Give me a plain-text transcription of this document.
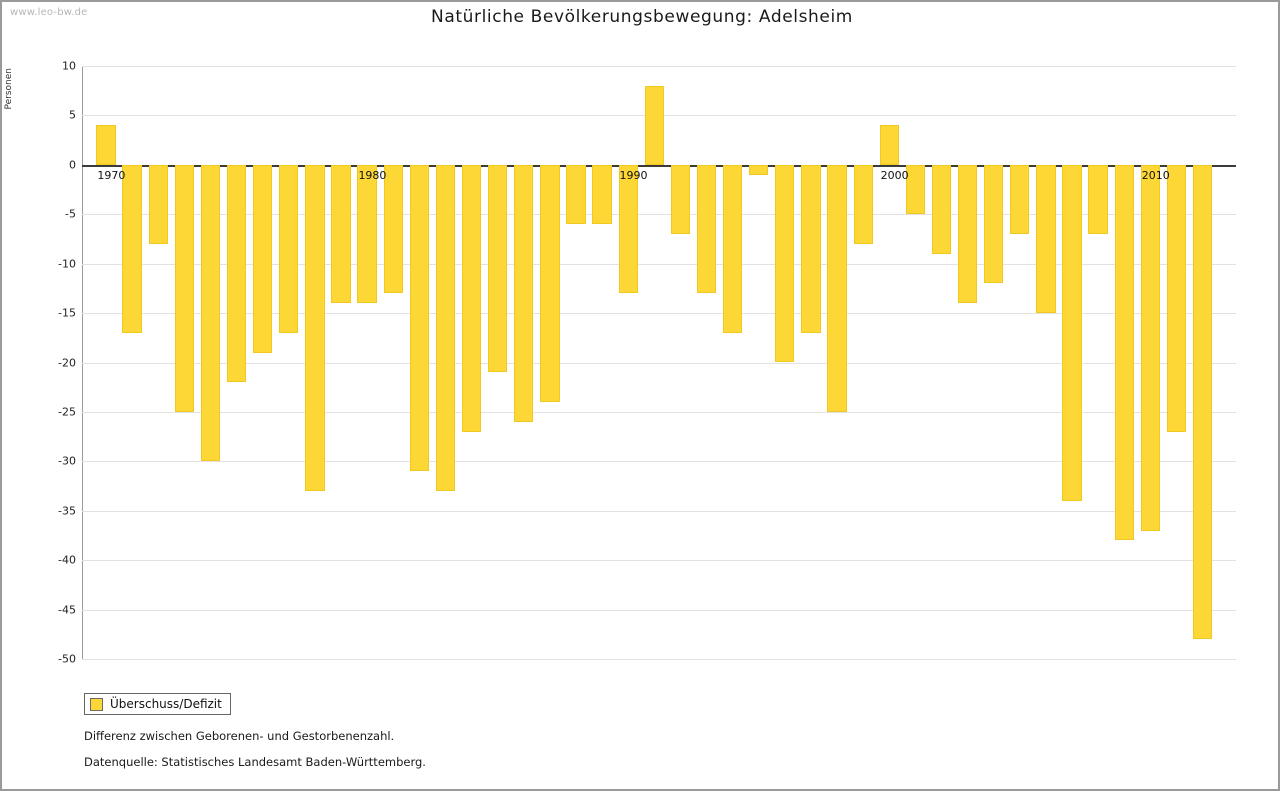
www.leo-bw.de	Natürliche Bevölkerungsbewegung: Adelsheim
Personen
1970	1980	1990	2000	2010
10
5
0
-5
-10
-15
-20
-25
-30
-35
-40
-45
-50
Überschuss/Defizit
Differenz zwischen Geborenen- und Gestorbenenzahl.
Datenquelle: Statistisches Landesamt Baden-Württemberg.
